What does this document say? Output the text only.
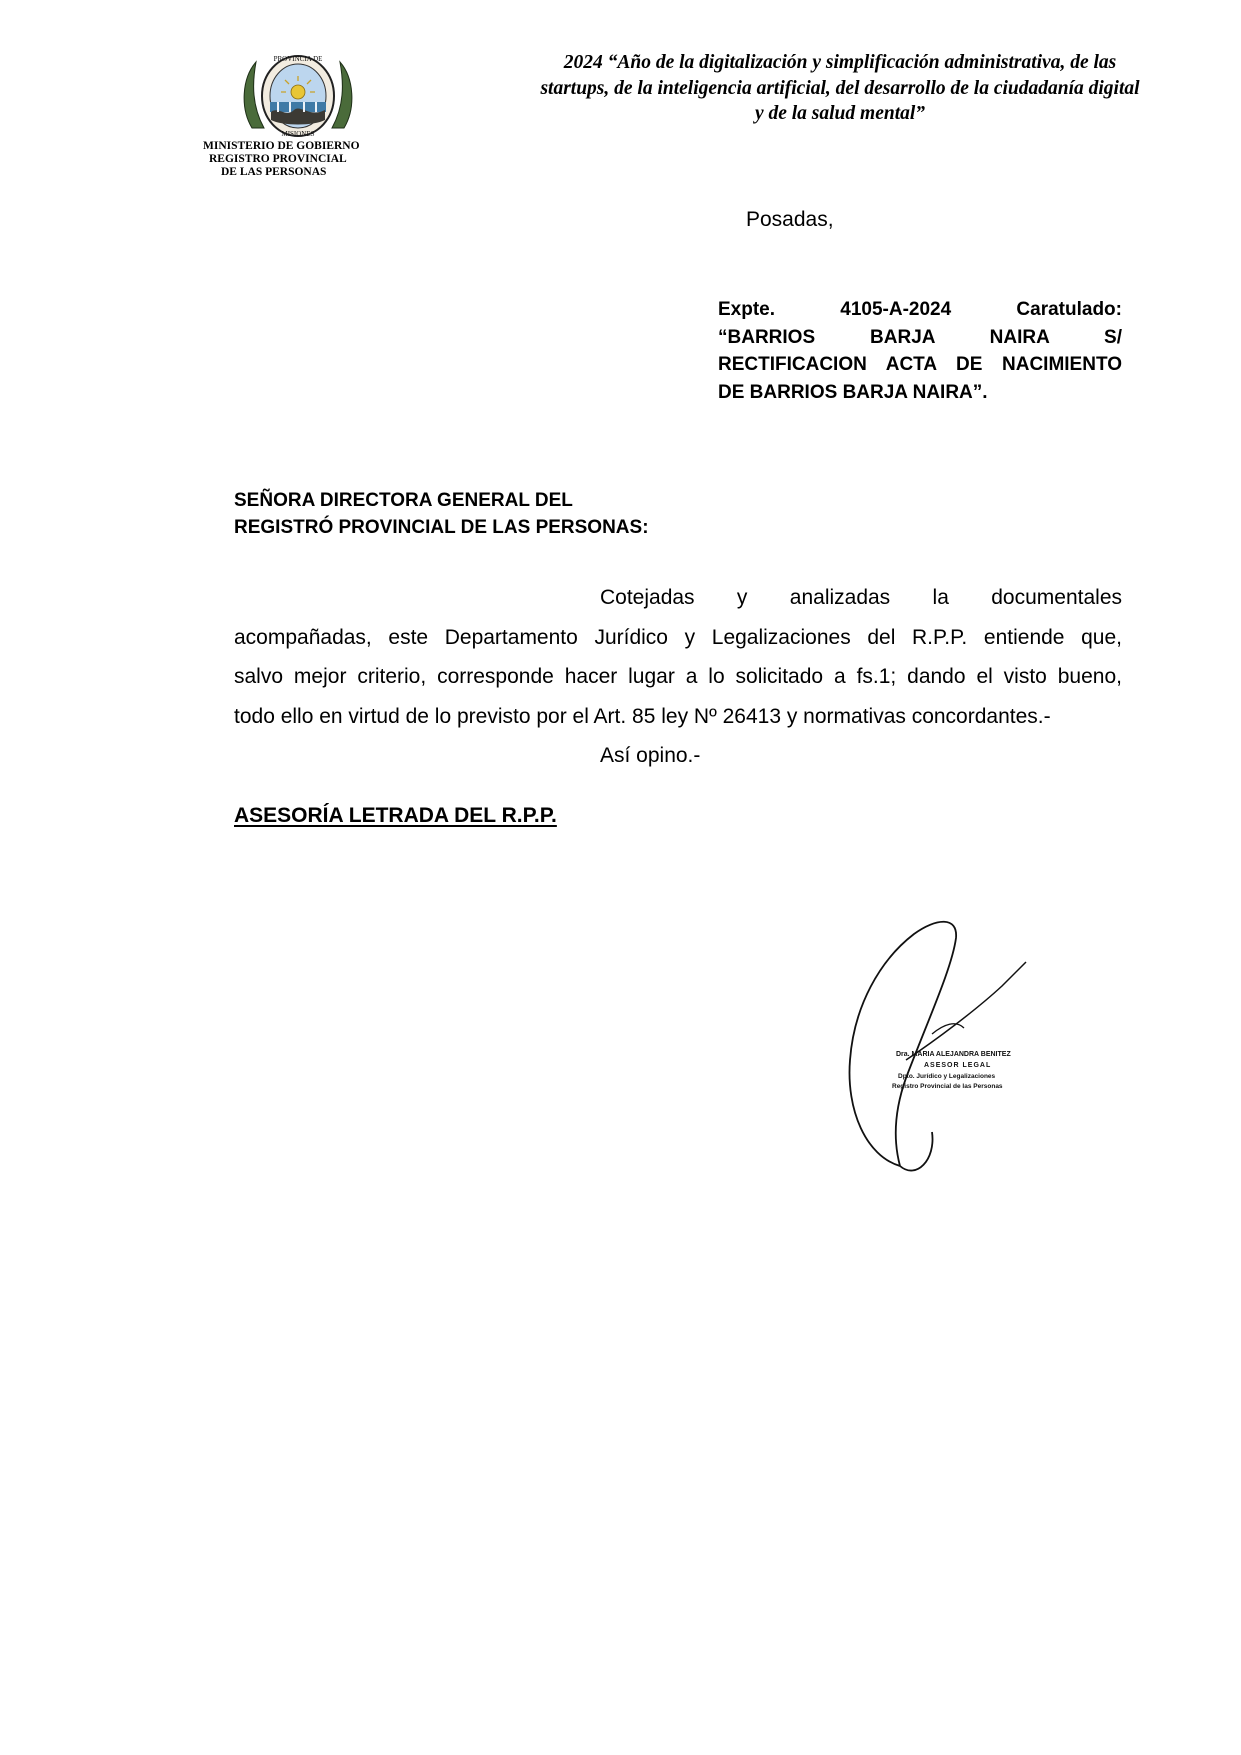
PROVINCIA DE
MISIONES
MINISTERIO DE GOBIERNO
REGISTRO PROVINCIAL
DE LAS PERSONAS
2024 “Año de la digitalización y simplificación administrativa, de las
startups, de la inteligencia artificial, del desarrollo de la ciudadanía digital
y de la salud mental”
Posadas,
Expte. 4105-A-2024 Caratulado:
“BARRIOS BARJA NAIRA S/
RECTIFICACION ACTA DE NACIMIENTO
DE BARRIOS BARJA NAIRA”.
SEÑORA DIRECTORA GENERAL DEL
REGISTRÓ PROVINCIAL DE LAS PERSONAS:
Cotejadas y analizadas la documentales
acompañadas, este Departamento Jurídico y Legalizaciones del R.P.P. entiende que,
salvo mejor criterio, corresponde hacer lugar a lo solicitado a fs.1; dando el visto bueno,
todo ello en virtud de lo previsto por el Art. 85 ley Nº 26413 y normativas concordantes.-
Así opino.-
ASESORÍA LETRADA DEL R.P.P.
Dra. MARIA ALEJANDRA BENITEZ
ASESOR LEGAL
Dpto. Jurídico y Legalizaciones
Registro Provincial de las Personas
